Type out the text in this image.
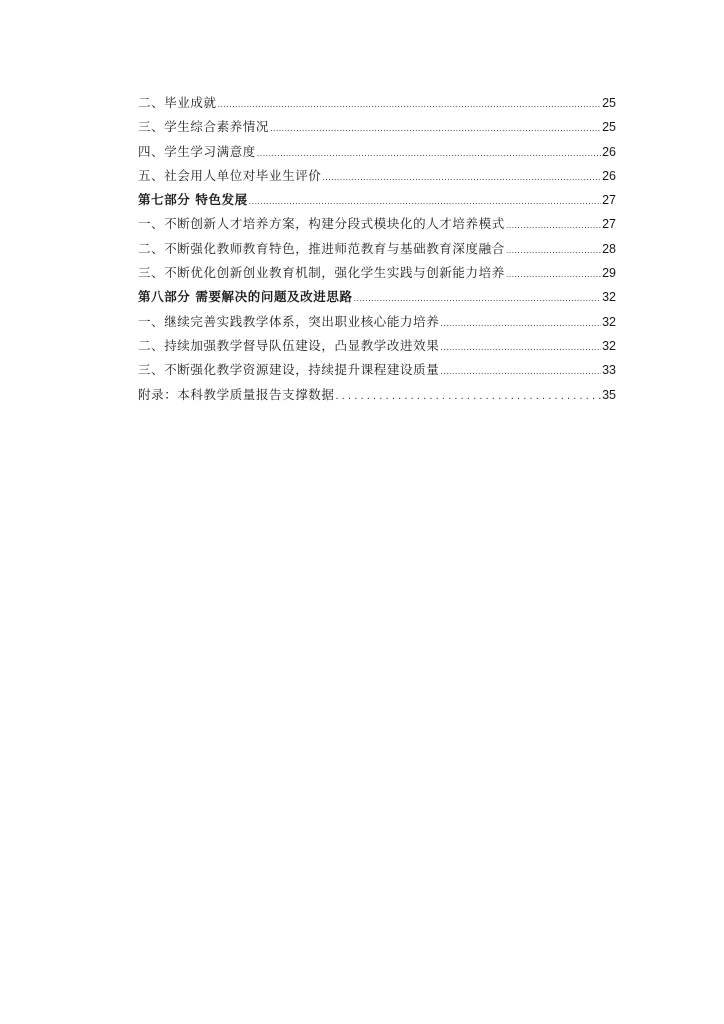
二、毕业成就 .....	25
三、学生综合素养情况 .....	25
四、学生学习满意度 .....	26
五、社会用人单位对毕业生评价 .....	26
第七部分 特色发展 .....	27
一、不断创新人才培养方案，构建分段式模块化的人才培养模式 .....	27
二、不断强化教师教育特色，推进师范教育与基础教育深度融合 .....	28
三、不断优化创新创业教育机制，强化学生实践与创新能力培养 .....	29
第八部分 需要解决的问题及改进思路 .....	32
一、继续完善实践教学体系，突出职业核心能力培养 .....	32
二、持续加强教学督导队伍建设，凸显教学改进效果 .....	32
三、不断强化教学资源建设，持续提升课程建设质量 .....	33
附录：本科教学质量报告支撑数据 .....	35
